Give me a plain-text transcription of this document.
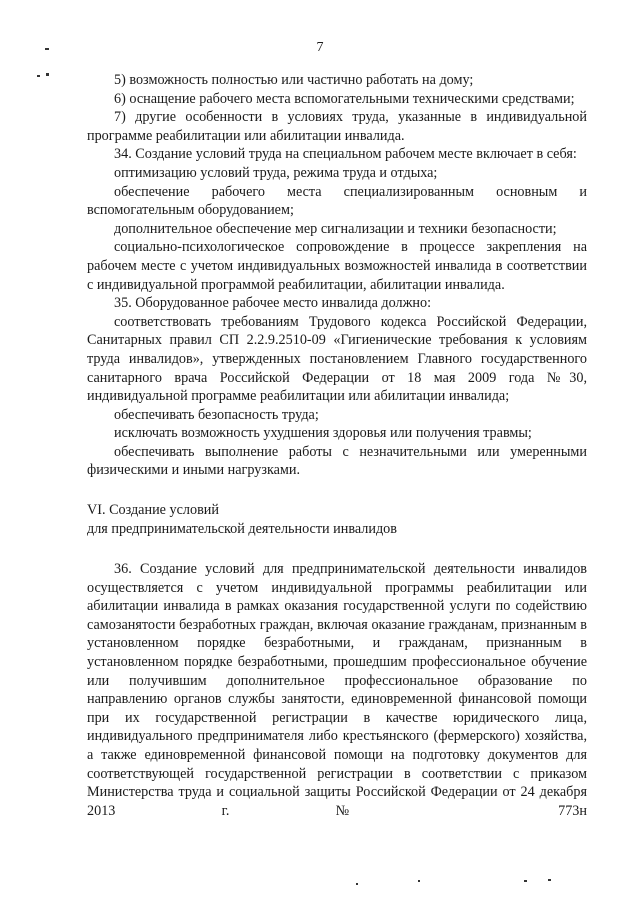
7

5) возможность полностью или частично работать на дому;

6) оснащение рабочего места вспомогательными техническими средствами;

7) другие особенности в условиях труда, указанные в индивидуальной программе реабилитации или абилитации инвалида.

34. Создание условий труда на специальном рабочем месте включает в себя:

оптимизацию условий труда, режима труда и отдыха;

обеспечение рабочего места специализированным основным и вспомогательным оборудованием;

дополнительное обеспечение мер сигнализации и техники безопасности;

социально-психологическое сопровождение в процессе закрепления на рабочем месте с учетом индивидуальных возможностей инвалида в соответствии с индивидуальной программой реабилитации, абилитации инвалида.

35. Оборудованное рабочее место инвалида должно:

соответствовать требованиям Трудового кодекса Российской Федерации, Санитарных правил СП 2.2.9.2510-09 «Гигиенические требования к условиям труда инвалидов», утвержденных постановлением Главного государственного санитарного врача Российской Федерации от 18 мая 2009 года №30, индивидуальной программе реабилитации или абилитации инвалида;

обеспечивать безопасность труда;

исключать возможность ухудшения здоровья или получения травмы;

обеспечивать выполнение работы с незначительными или умеренными физическими и иными нагрузками.

VI. Создание условий

для предпринимательской деятельности инвалидов

36. Создание условий для предпринимательской деятельности инвалидов осуществляется с учетом индивидуальной программы реабилитации или абилитации инвалида в рамках оказания государственной услуги по содействию самозанятости безработных граждан, включая оказание гражданам, признанным в установленном порядке безработными, и гражданам, признанным в установленном порядке безработными, прошедшим профессиональное обучение или получившим дополнительное профессиональное образование по направлению органов службы занятости, единовременной финансовой помощи при их государственной регистрации в качестве юридического лица, индивидуального предпринимателя либо крестьянского (фермерского) хозяйства, а также единовременной финансовой помощи на подготовку документов для соответствующей государственной регистрации в соответствии с приказом Министерства труда и социальной защиты Российской Федерации от 24 декабря 2013 г. № 773н
